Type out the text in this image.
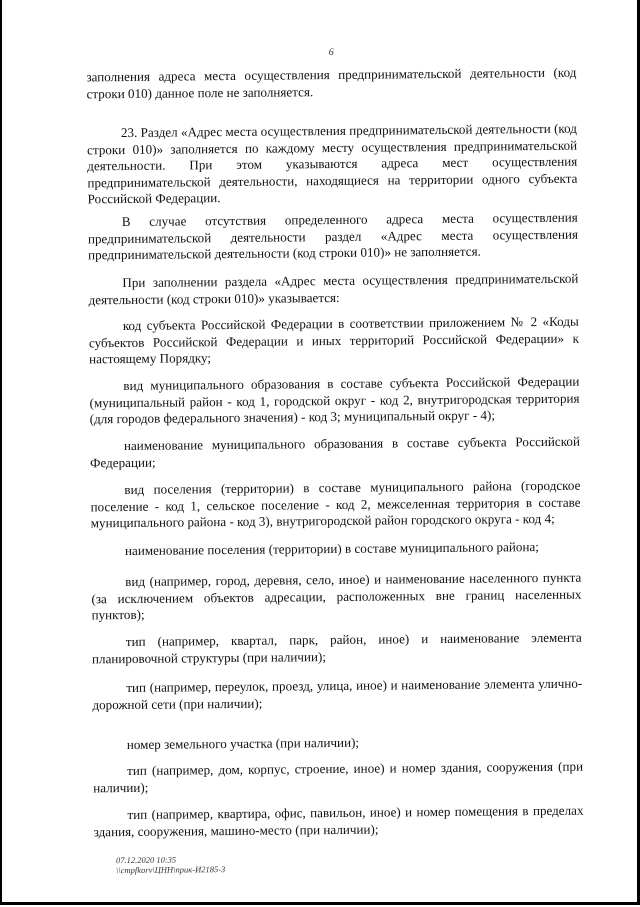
6

заполнения адреса места осуществления предпринимательской деятельности (код строки 010) данное поле не заполняется.

23. Раздел «Адрес места осуществления предпринимательской деятельности (код строки 010)» заполняется по каждому месту осуществления предпринимательской деятельности. При этом указываются адреса мест осуществления предпринимательской деятельности, находящиеся на территории одного субъекта Российской Федерации.

В случае отсутствия определенного адреса места осуществления предпринимательской деятельности раздел «Адрес места осуществления предпринимательской деятельности (код строки 010)» не заполняется.

При заполнении раздела «Адрес места осуществления предпринимательской деятельности (код строки 010)» указывается:

код субъекта Российской Федерации в соответствии приложением № 2 «Коды субъектов Российской Федерации и иных территорий Российской Федерации» к настоящему Порядку;

вид муниципального образования в составе субъекта Российской Федерации (муниципальный район - код 1, городской округ - код 2, внутригородская территория (для городов федерального значения) - код 3; муниципальный округ - 4);

наименование муниципального образования в составе субъекта Российской Федерации;

вид поселения (территории) в составе муниципального района (городское поселение - код 1, сельское поселение - код 2, межселенная территория в составе муниципального района - код 3), внутригородской район городского округа - код 4;

наименование поселения (территории) в составе муниципального района;

вид (например, город, деревня, село, иное) и наименование населенного пункта (за исключением объектов адресации, расположенных вне границ населенных пунктов);

тип (например, квартал, парк, район, иное) и наименование элемента планировочной структуры (при наличии);

тип (например, переулок, проезд, улица, иное) и наименование элемента улично-дорожной сети (при наличии);

номер земельного участка (при наличии);

тип (например, дом, корпус, строение, иное) и номер здания, сооружения (при наличии);

тип (например, квартира, офис, павильон, иное) и номер помещения в пределах здания, сооружения, машино-место (при наличии);

07.12.2020 10:35
\\cmpfkorv\ЦНН\прик-И2185-3
